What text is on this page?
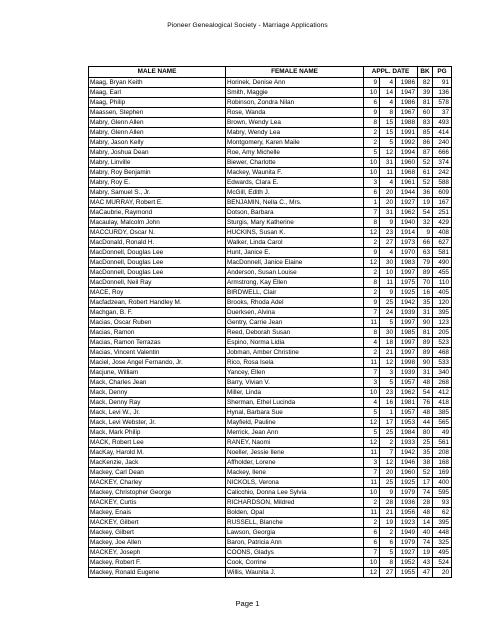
Pioneer Genealogical Society - Marriage Applications
MALE NAME	FEMALE NAME	APPL. DATE			BK	PG
Maag, Bryan Keith	Horinek, Denise Ann	9	4	1986	82	91
Maag, Earl	Smith, Maggie	10	14	1947	39	136
Maag, Philip	Robinson, Zondra Nilan	6	4	1986	81	578
Maassen, Stephen	Rose, Wanda	9	8	1967	60	37
Mabry, Glenn Allen	Brown, Wendy Lea	8	15	1988	83	493
Mabry, Glenn Allen	Mabry, Wendy Lea	2	15	1991	85	414
Mabry, Jason Kelly	Montgomery, Karen Maile	2	5	1992	86	240
Mabry, Joshua Dean	Roe, Amy Michelle	5	12	1994	87	666
Mabry, Linville	Biewer, Charlotte	10	31	1960	52	374
Mabry, Roy Benjamin	Mackey, Waunita F.	10	11	1968	61	242
Mabry, Roy E.	Edwards, Clara E.	3	4	1961	52	588
Mabry, Samuel S., Jr.	McGill, Edith J.	6	20	1944	36	609
MAC MURRAY, Robert E.	BENJAMIN, Nella C., Mrs.	1	20	1927	19	167
MaCaubrie, Raymond	Dotson, Barbara	7	31	1962	54	251
Macaulay, Malcolm John	Sturgis, Mary Katherine	8	9	1940	32	429
MACCURDY, Oscar N.	HUCKINS, Susan K.	12	23	1914	9	408
MacDonald, Ronald H.	Walker, Linda Carol	2	27	1973	66	627
MacDonnell, Douglas Lee	Hunt, Janice E.	9	4	1970	63	581
MacDonnell, Douglas Lee	MacDonnell, Janice Elaine	12	30	1983	79	490
MacDonnell, Douglas Lee	Anderson, Susan Louise	2	10	1997	89	455
MacDonnell, Neil Ray	Armstrong, Kay Ellen	8	11	1975	70	110
MACE, Roy	BIRDWELL, Clair	2	9	1925	16	405
Macfadzean, Robert Handley M.	Brooks, Rhoda Adel	9	25	1942	35	120
Machgan, B. F.	Duerksen, Alvina	7	24	1939	31	395
Macias, Oscar Ruben	Gentry, Carrie Jean	11	5	1997	90	123
Macias, Ramon	Reed, Deborah Susan	8	30	1985	81	205
Macias, Ramon Terrazas	Espino, Norma Lidia	4	18	1997	89	523
Macias, Vincent Valentin	Jobman, Amber Christine	2	21	1997	89	468
Maciel, Jose Angel Fernando, Jr.	Rico, Rosa Isela	11	12	1998	90	533
Macjune, William	Yancey, Ellen	7	3	1939	31	340
Mack, Charles Jean	Barry, Vivian V.	3	5	1957	48	268
Mack, Denny	Miller, Linda	10	23	1962	54	412
Mack, Denny Ray	Sherman, Ethel Lucinda	4	16	1981	76	418
Mack, Levi W., Jr.	Hynal, Barbara Sue	5	1	1957	48	385
Mack, Levi Webster, Jr.	Mayfield, Pauline	12	17	1953	44	565
Mack, Mark Philip	Merrick, Jean Ann	5	25	1984	80	49
MACK, Robert Lee	RANEY, Naomi	12	2	1933	25	561
MacKay, Harold M.	Noeller, Jessie Ilene	11	7	1942	35	208
MacKenzie, Jack	Affholder, Lorene	3	12	1946	38	168
Mackey, Carl Dean	Mackey, Ilene	7	20	1960	52	169
MACKEY, Charley	NICKOLS, Verona	11	25	1925	17	400
Mackey, Christopher George	Calicchio, Donna Lee Sylvia	10	9	1979	74	595
MACKEY, Curtis	RICHARDSON, Mildred	2	28	1936	28	93
Mackey, Enais	Bolden, Opal	11	21	1956	48	62
MACKEY, Gilbert	RUSSELL, Blanche	2	19	1923	14	395
Mackey, Gilbert	Lawson, Georgia	6	2	1949	40	448
Mackey, Joe Allen	Baron, Patricia Ann	6	6	1979	74	325
MACKEY, Joseph	COONS, Gladys	7	5	1927	19	495
Mackey, Robert F.	Cook, Corrine	10	8	1952	43	524
Mackey, Ronald Eugene	Willis, Waunita J.	12	27	1955	47	20
Page 1
